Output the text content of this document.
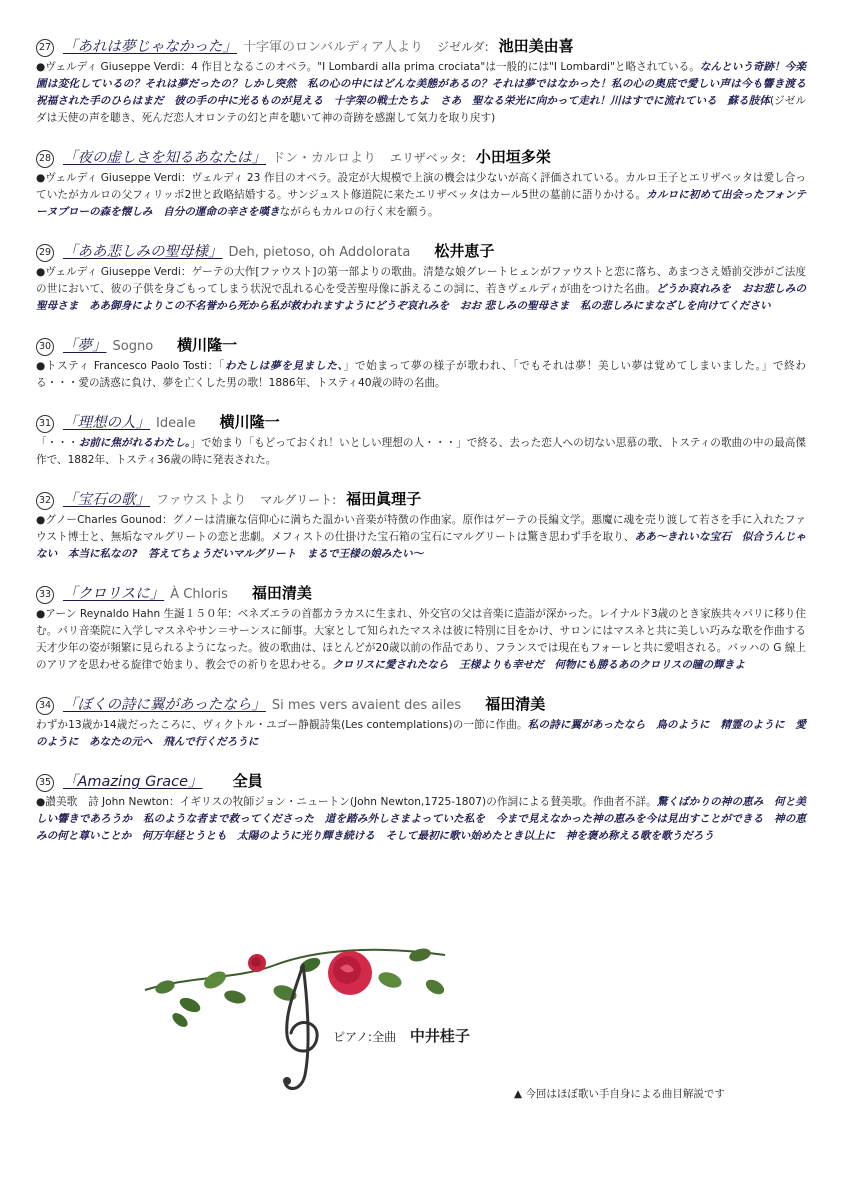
27 「あれは夢じゃなかった」 十字軍のロンバルディア人より ジゼルダ: 池田美由喜
●ヴェルディ Giuseppe Verdi：4 作目となるこのオペラ。"I Lombardi alla prima crociata"は一般的には"I Lombardi"と略されている。なんという奇跡！今楽園は変化しているの？それは夢だったの？しかし突然　私の心の中にはどんな美態があるの？それは夢ではなかった！私の心の奥底で愛しい声は今も響き渡る　祝福された手のひらはまだ　彼の手の中に光るものが見える　十字架の戦士たちよ　さあ　聖なる栄光に向かって走れ！川はすでに流れている　蘇る肢体(ジゼルダは天使の声を聴き、死んだ恋人オロンテの幻と声を聴いて神の奇跡を感謝して気力を取り戻す)
28 「夜の虚しさを知るあなたは」 ドン・カルロより エリザベッタ: 小田垣多栄
●ヴェルディ Giuseppe Verdi：ヴェルディ 23 作目のオペラ。設定が大規模で上演の機会は少ないが高く評価されている。カルロ王子とエリザベッタは愛し合っていたがカルロの父フィリッポ2世と政略結婚する。サンジュスト修道院に来たエリザベッタはカール5世の墓前に語りかける。カルロに初めて出会ったフォンテーヌブローの森を懐しみ　自分の運命の辛さを嘆きながらもカルロの行く末を願う。
29 「ああ悲しみの聖母様」 Deh, pietoso, oh Addolorata 松井恵子
●ヴェルディ Giuseppe Verdi：ゲーテの大作[ファウスト]の第一部よりの歌曲。清楚な娘グレートヒェンがファウストと恋に落ち、あまつさえ婚前交渉がご法度の世において、彼の子供を身ごもってしまう状況で乱れる心を受苦聖母像に訴えるこの詞に、若きヴェルディが曲をつけた名曲。どうか哀れみを　おお悲しみの聖母さま　ああ御身によりこの不名誉から死から私が救われますようにどうぞ哀れみを　おお 悲しみの聖母さま　私の悲しみにまなざしを向けてください
30 「夢」 Sogno 横川隆一
●トスティ Francesco Paolo Tosti：「わたしは夢を見ました、」で始まって夢の様子が歌われ、「でもそれは夢！美しい夢は覚めてしまいました。」で終わる・・・愛の誘惑に負け、夢を亡くした男の歌！1886年、トスティ40歳の時の名曲。
31 「理想の人」 Ideale 横川隆一
「・・・お前に焦がれるわたし。」で始まり「もどっておくれ！いとしい理想の人・・・」で終る、去った恋人への切ない思慕の歌、トスティの歌曲の中の最高傑作で、1882年、トスティ36歳の時に発表された。
32 「宝石の歌」 ファウストより マルグリート: 福田眞理子
●グノーCharles Gounod：グノーは清廉な信仰心に満ちた温かい音楽が特徴の作曲家。原作はゲーテの長編文学。悪魔に魂を売り渡して若さを手に入れたファウスト博士と、無垢なマルグリートの恋と悲劇。メフィストの仕掛けた宝石箱の宝石にマルグリートは驚き思わず手を取り、ああ～きれいな宝石　似合うんじゃない　本当に私なの?　答えてちょうだいマルグリート　まるで王様の娘みたい～
33 「クロリスに」 À Chloris 福田清美
●アーン Reynaldo Hahn 生誕１５０年：ベネズエラの首都カラカスに生まれ、外交官の父は音楽に造詣が深かった。レイナルド3歳のとき家族共々パリに移り住む。パリ音楽院に入学しマスネやサン＝サーンスに師事。大家として知られたマスネは彼に特別に目をかけ、サロンにはマスネと共に美しい巧みな歌を作曲する天才少年の姿が頻繁に見られるようになった。彼の歌曲は、ほとんどが20歳以前の作品であり、フランスでは現在もフォーレと共に愛唱される。バッハの G 線上のアリアを思わせる旋律で始まり、教会での祈りを思わせる。クロリスに愛されたなら　王様よりも幸せだ　何物にも勝るあのクロリスの瞳の輝きよ
34 「ぼくの詩に翼があったなら」 Si mes vers avaient des ailes 福田清美
わずか13歳か14歳だったころに、ヴィクトル・ユゴー静観詩集(Les contemplations)の一節に作曲。私の詩に翼があったなら　鳥のように　精霊のように　愛のように　あなたの元へ　飛んで行くだろうに
35 「Amazing Grace」 全員
●讃美歌　詩 John Newton：イギリスの牧師ジョン・ニュートン(John Newton,1725-1807)の作詞による賛美歌。作曲者不詳。驚くばかりの神の恵み　何と美しい響きであろうか　私のような者まで救ってくださった　道を踏み外しさまよっていた私を　今まで見えなかった神の恵みを今は見出すことができる　神の恵みの何と尊いことか　何万年経とうとも　太陽のように光り輝き続ける　そして最初に歌い始めたとき以上に　神を褒め称える歌を歌うだろう
ピアノ:全曲 中井桂子
▲ 今回はほぼ歌い手自身による曲目解説です
